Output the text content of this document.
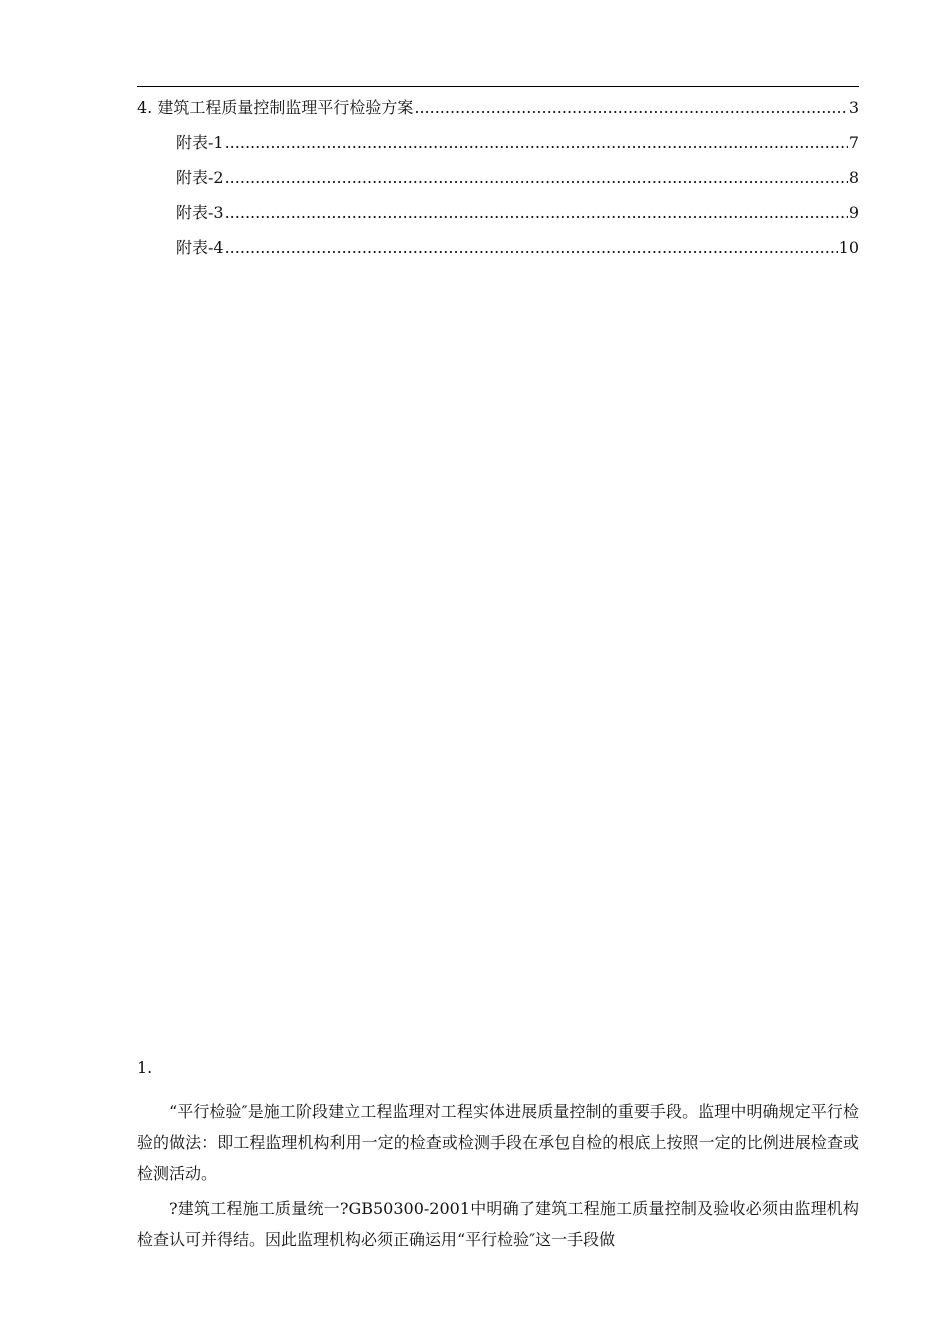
4. 建筑工程质量控制监理平行检验方案 .....	3
附表-1 .....	7
附表-2 .....	8
附表-3 .....	9
附表-4 .....	10
1.

“平行检验″是施工阶段建立工程监理对工程实体进展质量控制的重要手段。监理中明确规定平行检验的做法：即工程监理机构利用一定的检查或检测手段在承包自检的根底上按照一定的比例进展检查或检测活动。

?建筑工程施工质量统一?GB50300-2001中明确了建筑工程施工质量控制及验收必须由监理机构检查认可并得结。因此监理机构必须正确运用“平行检验″这一手段做
